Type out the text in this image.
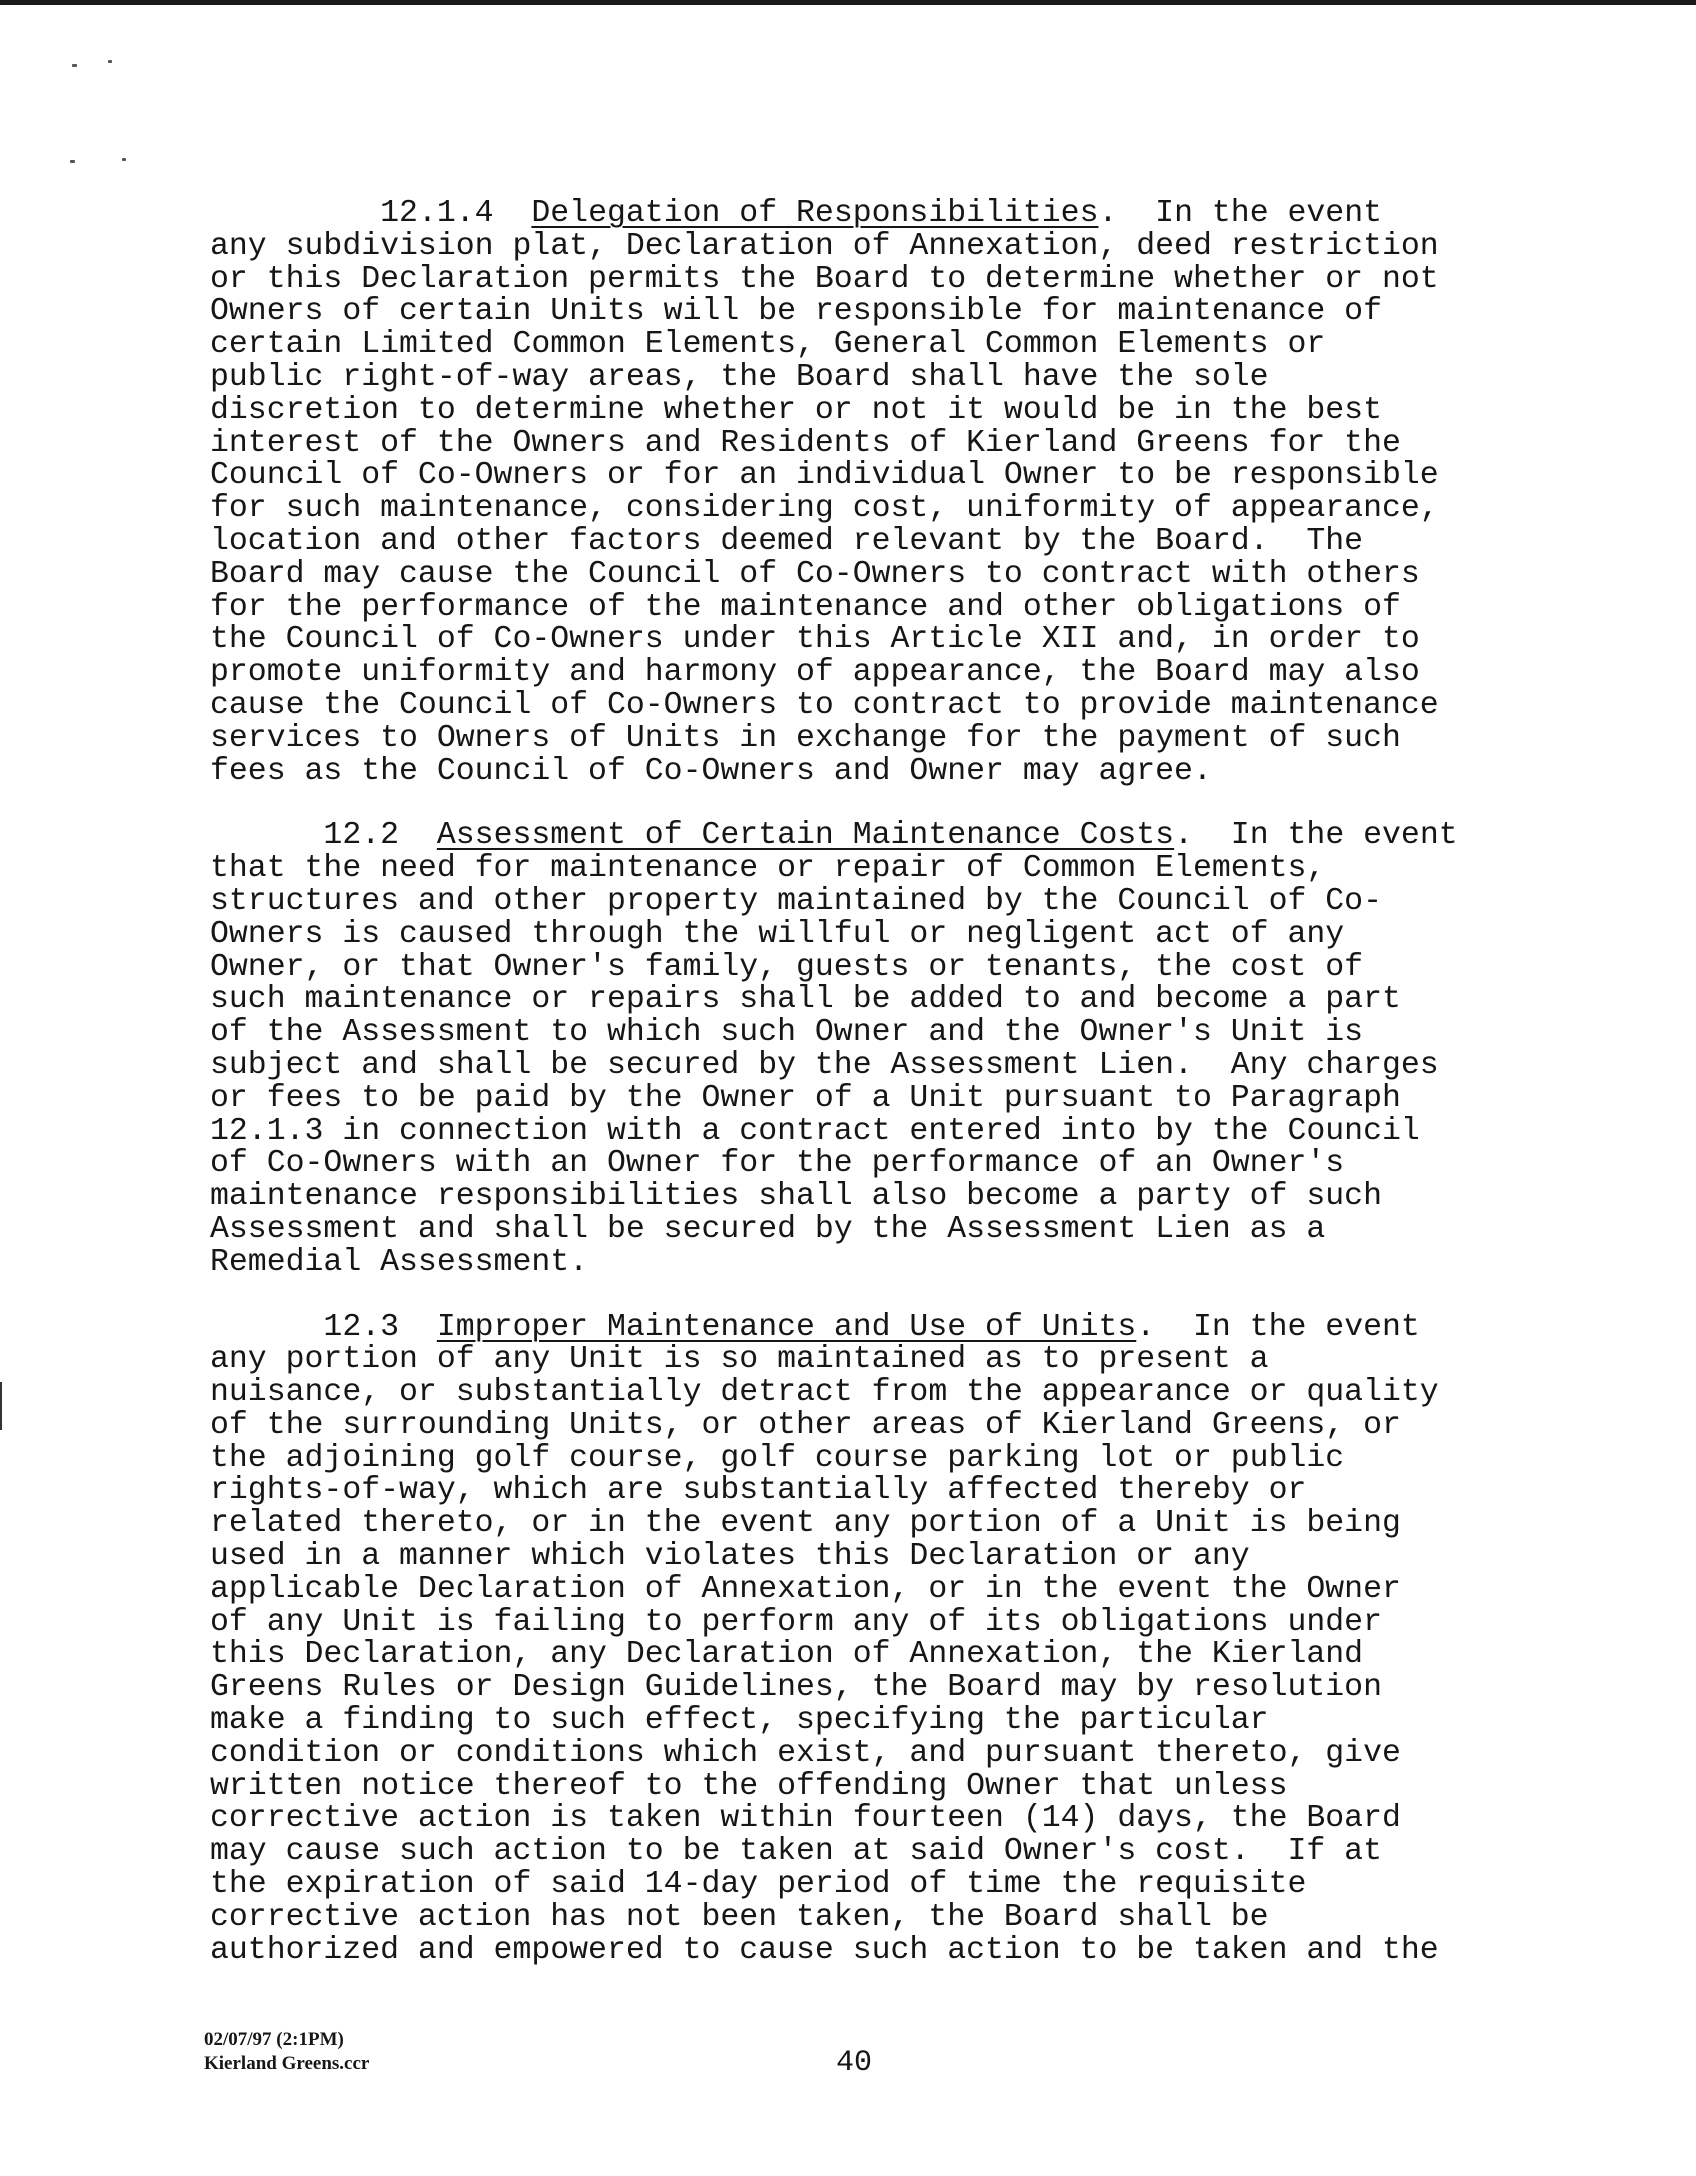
12.1.4 Delegation of Responsibilities.  In the event
any subdivision plat, Declaration of Annexation, deed restriction
or this Declaration permits the Board to determine whether or not
Owners of certain Units will be responsible for maintenance of
certain Limited Common Elements, General Common Elements or
public right-of-way areas, the Board shall have the sole
discretion to determine whether or not it would be in the best
interest of the Owners and Residents of Kierland Greens for the
Council of Co-Owners or for an individual Owner to be responsible
for such maintenance, considering cost, uniformity of appearance,
location and other factors deemed relevant by the Board.  The
Board may cause the Council of Co-Owners to contract with others
for the performance of the maintenance and other obligations of
the Council of Co-Owners under this Article XII and, in order to
promote uniformity and harmony of appearance, the Board may also
cause the Council of Co-Owners to contract to provide maintenance
services to Owners of Units in exchange for the payment of such
fees as the Council of Co-Owners and Owner may agree.
12.2 Assessment of Certain Maintenance Costs.  In the event
that the need for maintenance or repair of Common Elements,
structures and other property maintained by the Council of Co-
Owners is caused through the willful or negligent act of any
Owner, or that Owner's family, guests or tenants, the cost of
such maintenance or repairs shall be added to and become a part
of the Assessment to which such Owner and the Owner's Unit is
subject and shall be secured by the Assessment Lien.  Any charges
or fees to be paid by the Owner of a Unit pursuant to Paragraph
12.1.3 in connection with a contract entered into by the Council
of Co-Owners with an Owner for the performance of an Owner's
maintenance responsibilities shall also become a party of such
Assessment and shall be secured by the Assessment Lien as a
Remedial Assessment.
12.3 Improper Maintenance and Use of Units.  In the event
any portion of any Unit is so maintained as to present a
nuisance, or substantially detract from the appearance or quality
of the surrounding Units, or other areas of Kierland Greens, or
the adjoining golf course, golf course parking lot or public
rights-of-way, which are substantially affected thereby or
related thereto, or in the event any portion of a Unit is being
used in a manner which violates this Declaration or any
applicable Declaration of Annexation, or in the event the Owner
of any Unit is failing to perform any of its obligations under
this Declaration, any Declaration of Annexation, the Kierland
Greens Rules or Design Guidelines, the Board may by resolution
make a finding to such effect, specifying the particular
condition or conditions which exist, and pursuant thereto, give
written notice thereof to the offending Owner that unless
corrective action is taken within fourteen (14) days, the Board
may cause such action to be taken at said Owner's cost.  If at
the expiration of said 14-day period of time the requisite
corrective action has not been taken, the Board shall be
authorized and empowered to cause such action to be taken and the
02/07/97 (2:1PM)
Kierland Greens.ccr	40
